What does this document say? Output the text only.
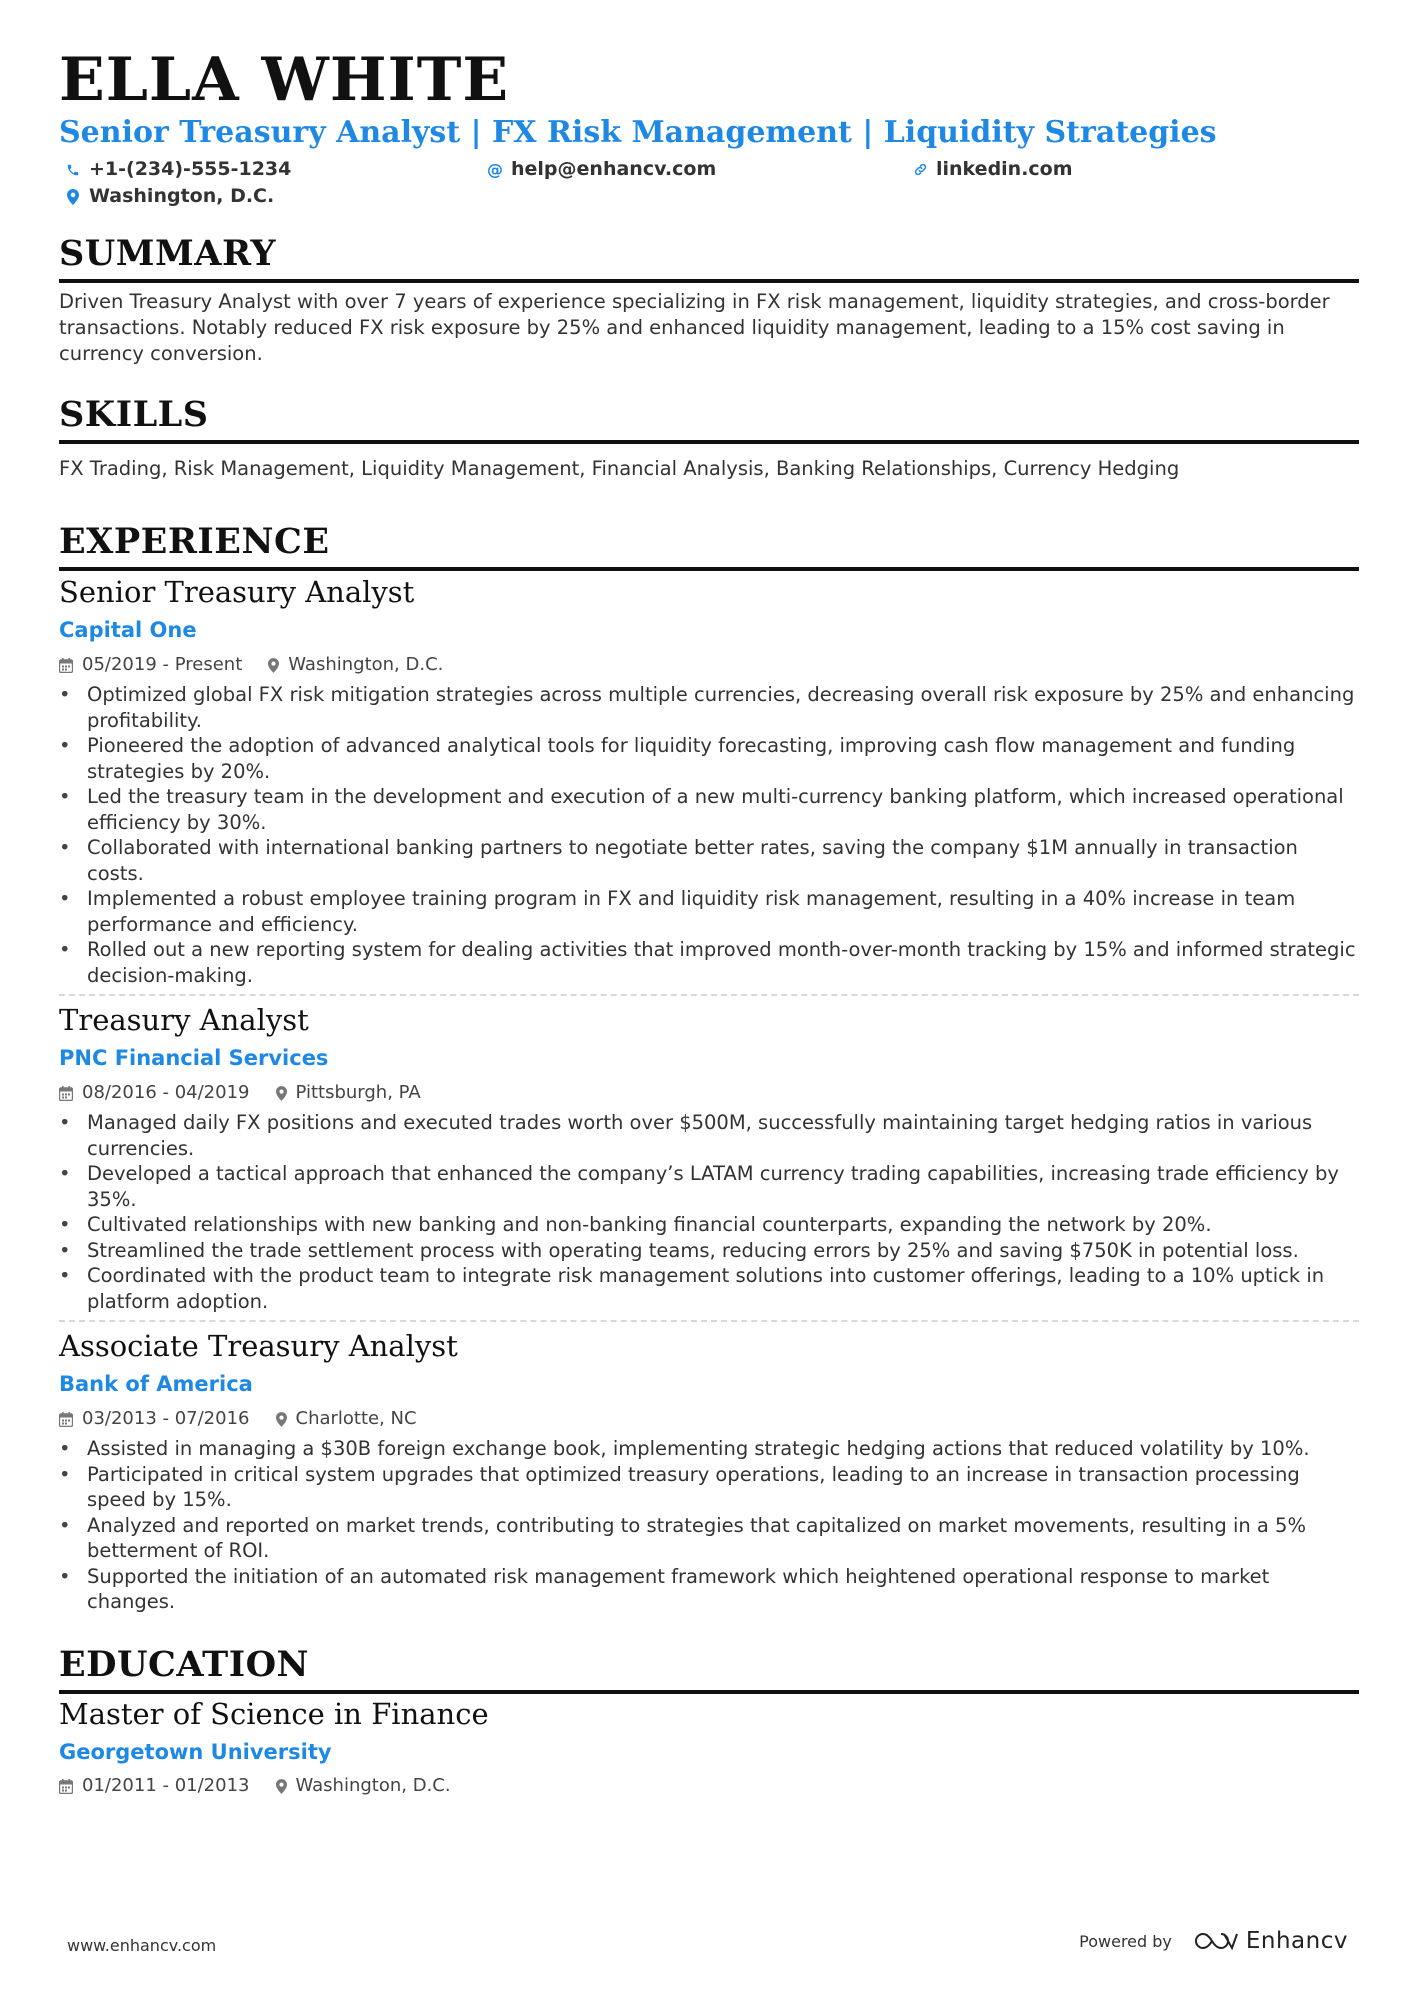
ELLA WHITE
Senior Treasury Analyst | FX Risk Management | Liquidity Strategies
+1-(234)-555-1234	@ help@enhancv.com	linkedin.com
Washington, D.C.
SUMMARY
Driven Treasury Analyst with over 7 years of experience specializing in FX risk management, liquidity strategies, and cross-border transactions. Notably reduced FX risk exposure by 25% and enhanced liquidity management, leading to a 15% cost saving in currency conversion.
SKILLS
FX Trading, Risk Management, Liquidity Management, Financial Analysis, Banking Relationships, Currency Hedging
EXPERIENCE
Senior Treasury Analyst
Capital One
05/2019 - Present	Washington, D.C.
• Optimized global FX risk mitigation strategies across multiple currencies, decreasing overall risk exposure by 25% and enhancing profitability.
• Pioneered the adoption of advanced analytical tools for liquidity forecasting, improving cash flow management and funding strategies by 20%.
• Led the treasury team in the development and execution of a new multi-currency banking platform, which increased operational efficiency by 30%.
• Collaborated with international banking partners to negotiate better rates, saving the company $1M annually in transaction costs.
• Implemented a robust employee training program in FX and liquidity risk management, resulting in a 40% increase in team performance and efficiency.
• Rolled out a new reporting system for dealing activities that improved month-over-month tracking by 15% and informed strategic decision-making.
Treasury Analyst
PNC Financial Services
08/2016 - 04/2019	Pittsburgh, PA
• Managed daily FX positions and executed trades worth over $500M, successfully maintaining target hedging ratios in various currencies.
• Developed a tactical approach that enhanced the company’s LATAM currency trading capabilities, increasing trade efficiency by 35%.
• Cultivated relationships with new banking and non-banking financial counterparts, expanding the network by 20%.
• Streamlined the trade settlement process with operating teams, reducing errors by 25% and saving $750K in potential loss.
• Coordinated with the product team to integrate risk management solutions into customer offerings, leading to a 10% uptick in platform adoption.
Associate Treasury Analyst
Bank of America
03/2013 - 07/2016	Charlotte, NC
• Assisted in managing a $30B foreign exchange book, implementing strategic hedging actions that reduced volatility by 10%.
• Participated in critical system upgrades that optimized treasury operations, leading to an increase in transaction processing speed by 15%.
• Analyzed and reported on market trends, contributing to strategies that capitalized on market movements, resulting in a 5% betterment of ROI.
• Supported the initiation of an automated risk management framework which heightened operational response to market changes.
EDUCATION
Master of Science in Finance
Georgetown University
01/2011 - 01/2013	Washington, D.C.
www.enhancv.com	Powered by	Enhancv
